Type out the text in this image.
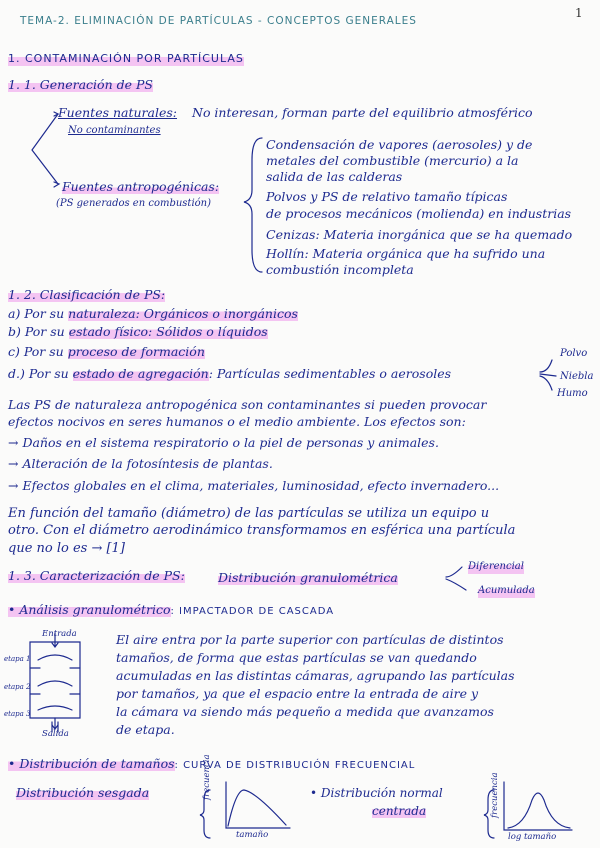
TEMA-2. ELIMINACIÓN DE PARTÍCULAS - CONCEPTOS GENERALES
1
1. CONTAMINACIÓN POR PARTÍCULAS
1. 1. Generación de PS
Fuentes naturales: No interesan, forman parte del equilibrio atmosférico
No contaminantes
Fuentes antropogénicas:
(PS generados en combustión)
Condensación de vapores (aerosoles) y de
metales del combustible (mercurio) a la
salida de las calderas
Polvos y PS de relativo tamaño típicas
de procesos mecánicos (molienda) en industrias
Cenizas: Materia inorgánica que se ha quemado
Hollín: Materia orgánica que ha sufrido una
combustión incompleta
1. 2. Clasificación de PS:
a) Por su naturaleza: Orgánicos o inorgánicos
b) Por su estado físico: Sólidos o líquidos
c) Por su proceso de formación
d.) Por su estado de agregación: Partículas sedimentables o aerosoles
Polvo
Niebla
Humo
Las PS de naturaleza antropogénica son contaminantes si pueden provocar
efectos nocivos en seres humanos o el medio ambiente. Los efectos son:
→ Daños en el sistema respiratorio o la piel de personas y animales.
→ Alteración de la fotosíntesis de plantas.
→ Efectos globales en el clima, materiales, luminosidad, efecto invernadero...
En función del tamaño (diámetro) de las partículas se utiliza un equipo u
otro. Con el diámetro aerodinámico transformamos en esférica una partícula
que no lo es → [1]
1. 3. Caracterización de PS:	Distribución granulométrica
Diferencial
Acumulada
• Análisis granulométrico: IMPACTADOR DE CASCADA
Entrada
Salida
etapa 1
etapa 2
etapa 3
El aire entra por la parte superior con partículas de distintos
tamaños, de forma que estas partículas se van quedando
acumuladas en las distintas cámaras, agrupando las partículas
por tamaños, ya que el espacio entre la entrada de aire y
la cámara va siendo más pequeño a medida que avanzamos
de etapa.
• Distribución de tamaños: CURVA DE DISTRIBUCIÓN FRECUENCIAL
Distribución sesgada	• Distribución normal
centrada
tamaño	log tamaño
frecuencia	frecuencia
